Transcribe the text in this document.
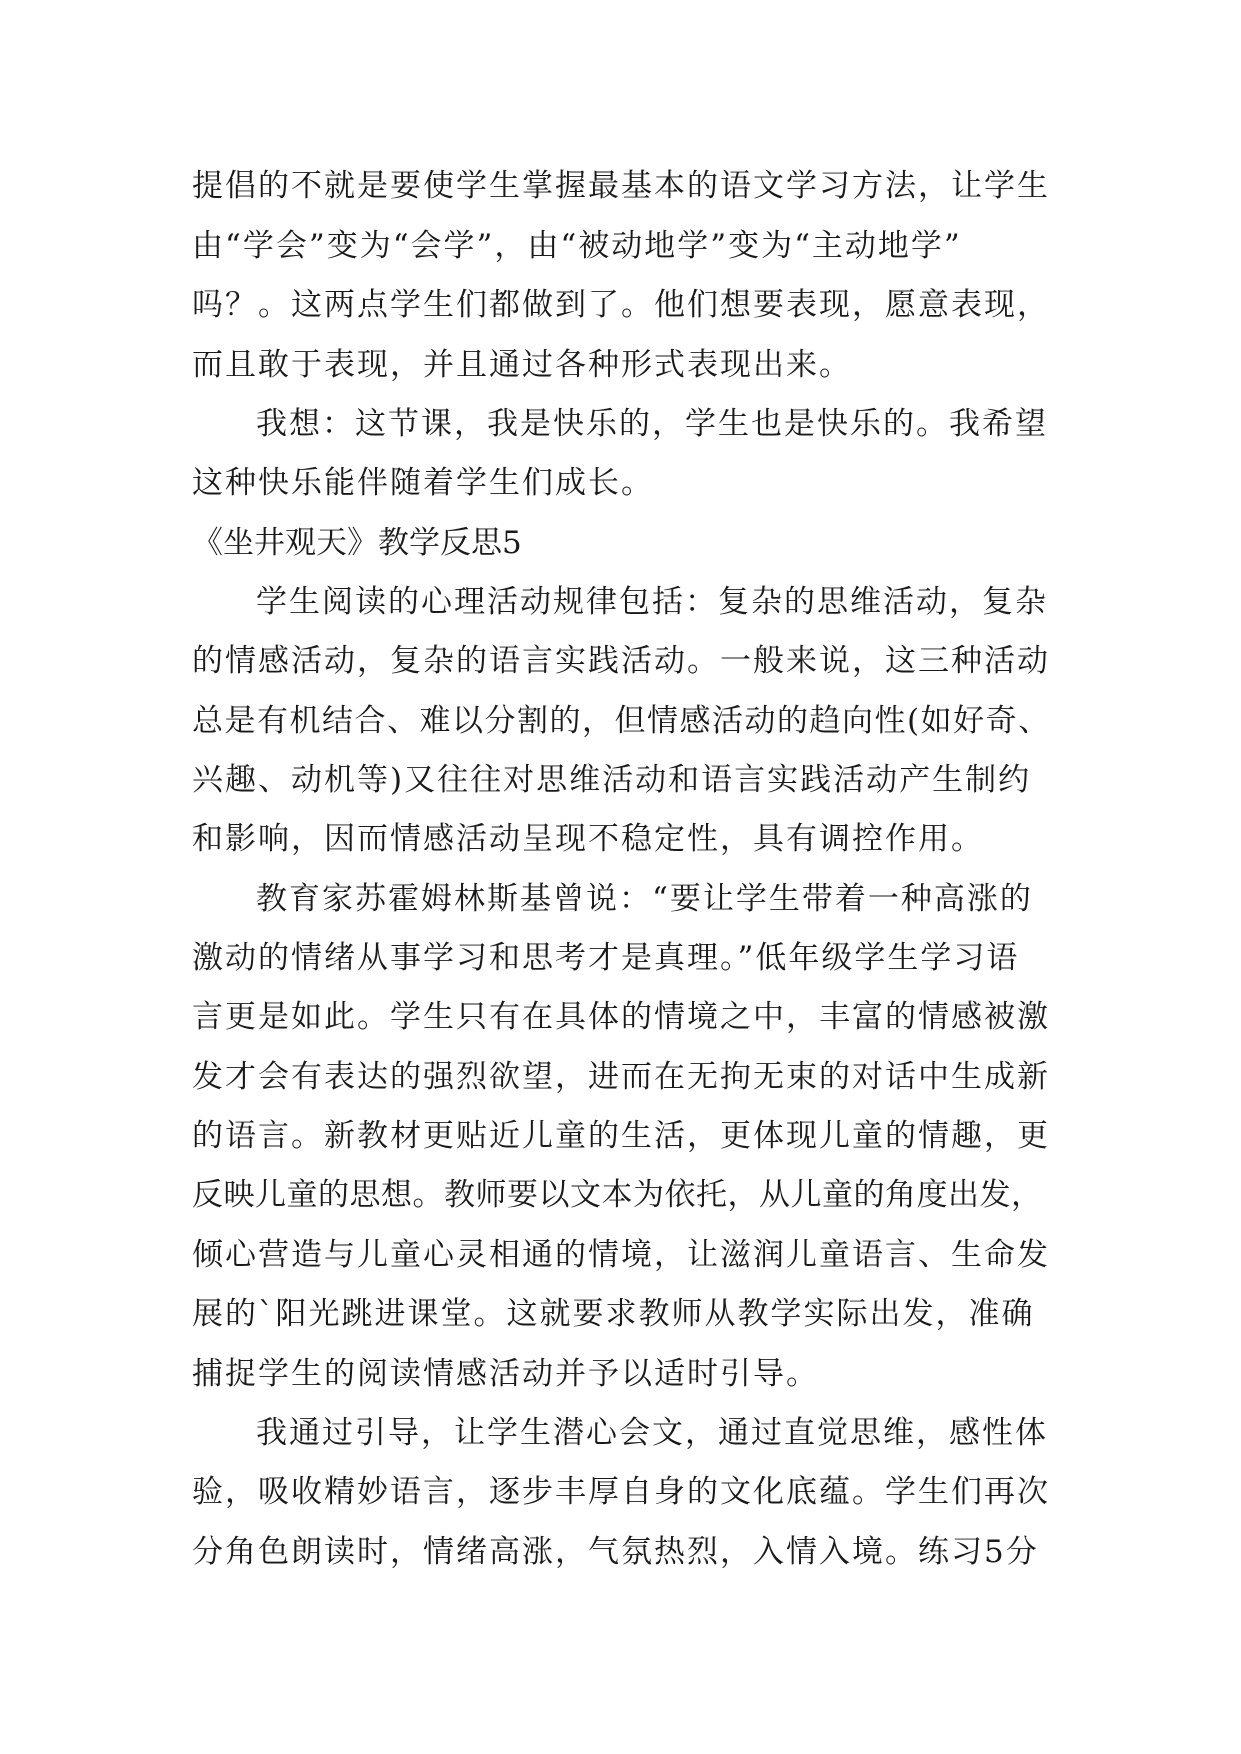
提倡的不就是要使学生掌握最基本的语文学习方法，让学生
由“学会”变为“会学”，由“被动地学”变为“主动地学”
吗？。这两点学生们都做到了。他们想要表现，愿意表现，
而且敢于表现，并且通过各种形式表现出来。
我想：这节课，我是快乐的，学生也是快乐的。我希望
这种快乐能伴随着学生们成长。
《坐井观天》教学反思5
学生阅读的心理活动规律包括：复杂的思维活动，复杂
的情感活动，复杂的语言实践活动。一般来说，这三种活动
总是有机结合、难以分割的，但情感活动的趋向性(如好奇、
兴趣、动机等)又往往对思维活动和语言实践活动产生制约
和影响，因而情感活动呈现不稳定性，具有调控作用。
教育家苏霍姆林斯基曾说：“要让学生带着一种高涨的
激动的情绪从事学习和思考才是真理。”低年级学生学习语
言更是如此。学生只有在具体的情境之中，丰富的情感被激
发才会有表达的强烈欲望，进而在无拘无束的对话中生成新
的语言。新教材更贴近儿童的生活，更体现儿童的情趣，更
反映儿童的思想。教师要以文本为依托，从儿童的角度出发，
倾心营造与儿童心灵相通的情境，让滋润儿童语言、生命发
展的`阳光跳进课堂。这就要求教师从教学实际出发，准确
捕捉学生的阅读情感活动并予以适时引导。
我通过引导，让学生潜心会文，通过直觉思维，感性体
验，吸收精妙语言，逐步丰厚自身的文化底蕴。学生们再次
分角色朗读时，情绪高涨，气氛热烈，入情入境。练习5分
